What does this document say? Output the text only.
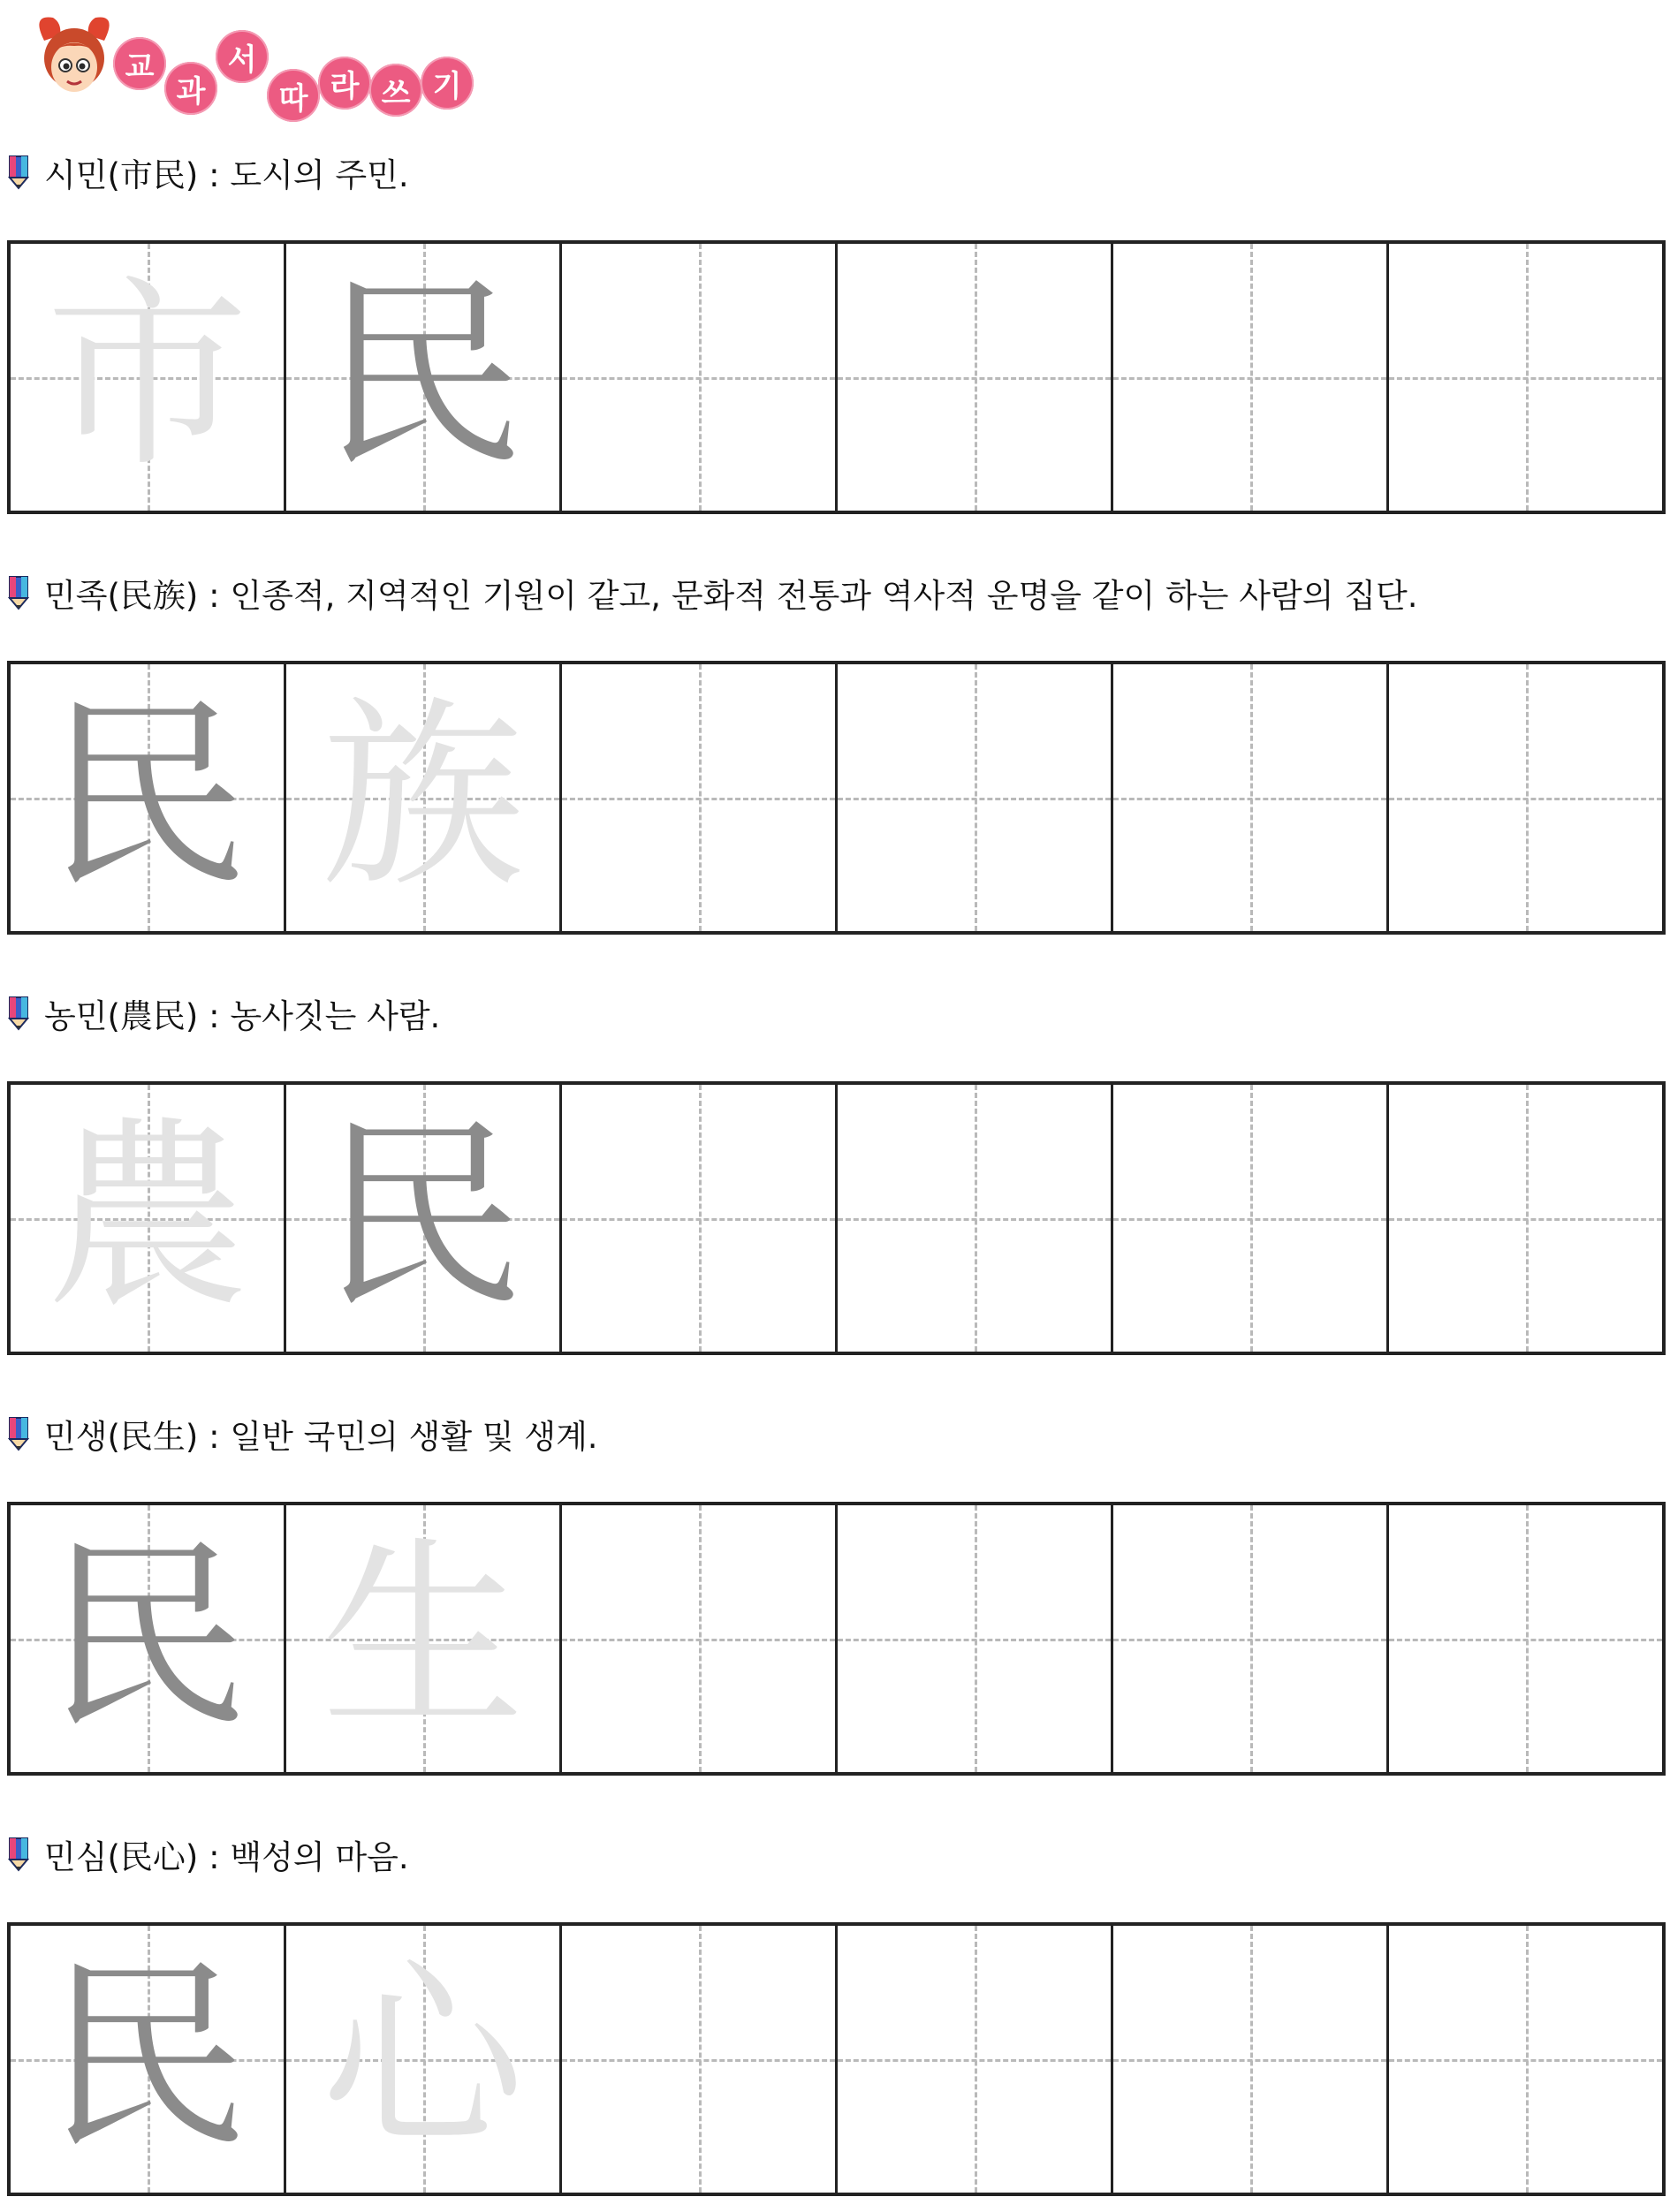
교
과
서
따 라 쓰 기
시민(市民) : 도시의 주민.
市 民
민족(民族) : 인종적, 지역적인 기원이 같고, 문화적 전통과 역사적 운명을 같이 하는 사람의 집단.
民 族
농민(農民) : 농사짓는 사람.
農 民
민생(民生) : 일반 국민의 생활 및 생계.
民 生
민심(民心) : 백성의 마음.
民 心
